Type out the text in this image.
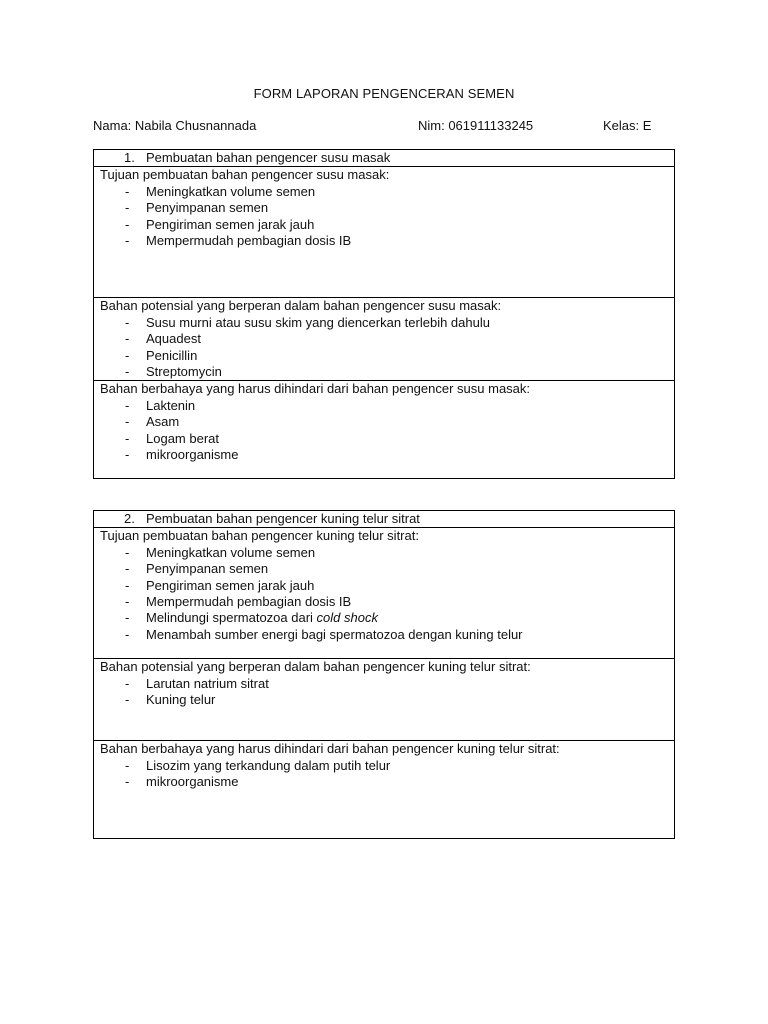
FORM LAPORAN PENGENCERAN SEMEN
Nama: Nabila Chusnannada	Nim: 061911133245	Kelas: E
1. Pembuatan bahan pengencer susu masak

Tujuan pembuatan bahan pengencer susu masak:
- Meningkatkan volume semen
- Penyimpanan semen
- Pengiriman semen jarak jauh
- Mempermudah pembagian dosis IB

Bahan potensial yang berperan dalam bahan pengencer susu masak:
- Susu murni atau susu skim yang diencerkan terlebih dahulu
- Aquadest
- Penicillin
- Streptomycin

Bahan berbahaya yang harus dihindari dari bahan pengencer susu masak:
- Laktenin
- Asam
- Logam berat
- mikroorganisme
2. Pembuatan bahan pengencer kuning telur sitrat

Tujuan pembuatan bahan pengencer kuning telur sitrat:
- Meningkatkan volume semen
- Penyimpanan semen
- Pengiriman semen jarak jauh
- Mempermudah pembagian dosis IB
- Melindungi spermatozoa dari cold shock
- Menambah sumber energi bagi spermatozoa dengan kuning telur

Bahan potensial yang berperan dalam bahan pengencer kuning telur sitrat:
- Larutan natrium sitrat
- Kuning telur

Bahan berbahaya yang harus dihindari dari bahan pengencer kuning telur sitrat:
- Lisozim yang terkandung dalam putih telur
- mikroorganisme
